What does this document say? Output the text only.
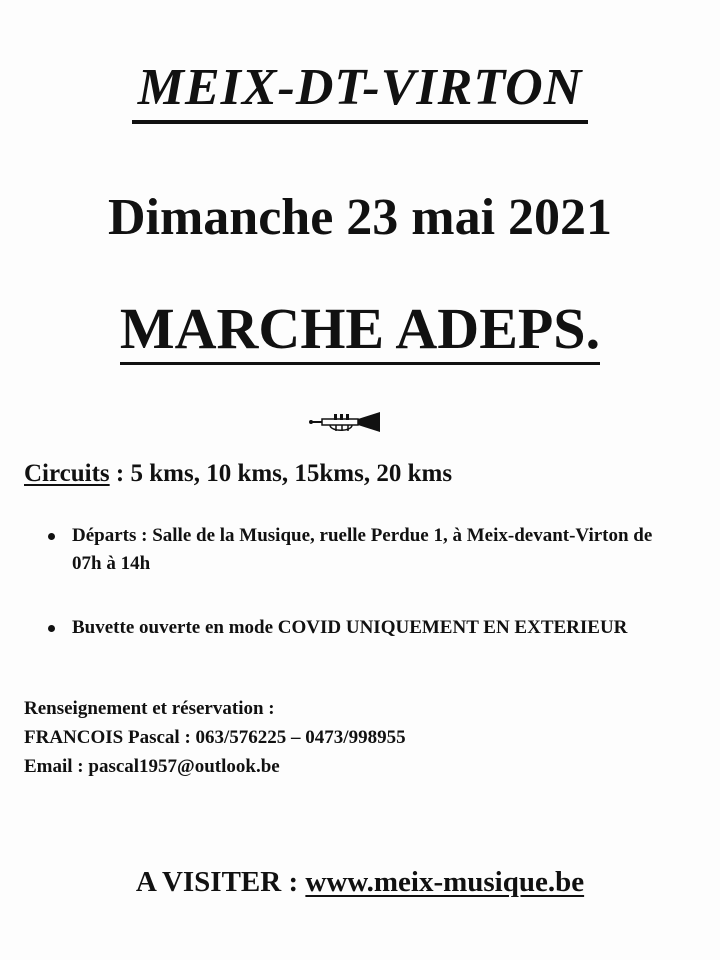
MEIX-DT-VIRTON
Dimanche 23 mai 2021
MARCHE ADEPS.
Circuits : 5 kms, 10 kms, 15kms, 20 kms
Départs : Salle de la Musique, ruelle Perdue 1, à Meix-devant-Virton de 07h à 14h
Buvette ouverte en mode COVID UNIQUEMENT EN EXTERIEUR
Renseignement et réservation :
FRANCOIS Pascal : 063/576225 – 0473/998955
Email : pascal1957@outlook.be
A VISITER : www.meix-musique.be
